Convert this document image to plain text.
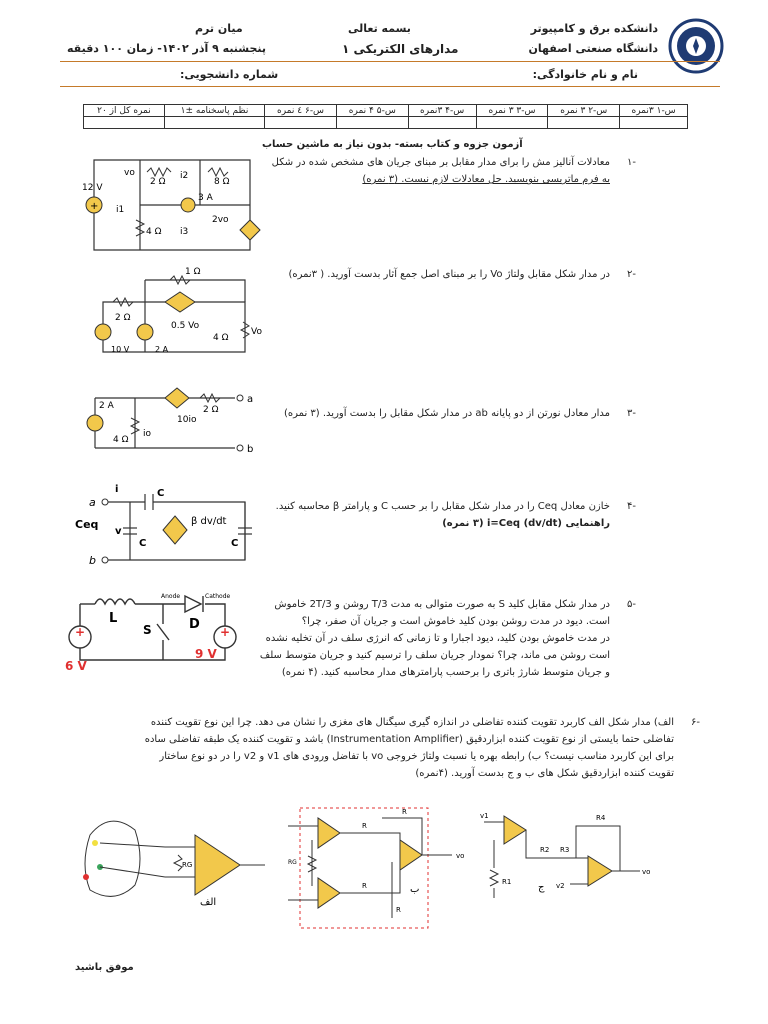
دانشکده برق و کامپیوتر
دانشگاه صنعتی اصفهان
بسمه تعالی
مدارهای الکتریکی ۱
میان ترم
پنجشنبه ۹ آذر ۱۴۰۲- زمان ۱۰۰ دقیقه
نام و نام خانوادگی:
شماره دانشجویی:
س-۱ ۳نمره	س-۲ ۳ نمره	س-۳ ۳ نمره	س-۴ ۳نمره	س-۵ ۴ نمره	س-۶ ٤ نمره	نظم پاسخنامه ±۱	نمره کل از ۲۰

آزمون جزوه و کتاب بسته- بدون نیاز به ماشین حساب
-۱
معادلات آنالیز مش را برای مدار مقابل بر مبنای جریان های مشخص شده در شکل
به فرم ماتریسی بنویسید. حل معادلات لازم نیست. (۳ نمره)
+
12 V
vo
2 Ω	8 Ω
3 A
4 Ω
i1
i2
i3
2vo
-۲
در مدار شکل مقابل ولتاژ Vo را بر مبنای اصل جمع آثار بدست آورید. ( ۳نمره)
1 Ω
2 Ω
10 V	2 A
0.5 Vo
4 Ω
Vo
-۳
مدار معادل نورتن از دو پایانه ab در مدار شکل مقابل را بدست آورید. (۳ نمره)
2 A
4 Ω
io
10io
2 Ω
a
b
-۴
خازن معادل Ceq را در مدار شکل مقابل را بر حسب C و پارامتر β محاسبه کنید.
راهنمایی i=Ceq (dv/dt) (۳ نمره)
i
a
b
Ceq
v
C
C	C
β dv/dt
-۵
در مدار شکل مقابل کلید S به صورت متوالی به مدت T/3 روشن و 2T/3 خاموش
است. دیود در مدت روشن بودن کلید خاموش است و جریان آن صفر، چرا؟
در مدت خاموش بودن کلید، دیود اجبارا و تا زمانی که انرژی سلف در آن تخلیه نشده
است روشن می ماند، چرا؟ نمودار جریان سلف را ترسیم کنید و جریان متوسط سلف
و جریان متوسط شارژ باتری را برحسب پارامترهای مدار محاسبه کنید. (۴ نمره)
+	+
L
S	D
Anode	Cathode
6 V
9 V
-۶
الف) مدار شکل الف کاربرد تقویت کننده تفاضلی در اندازه گیری سیگنال های مغزی را نشان می دهد. چرا این نوع تقویت کننده
تفاضلی حتما بایستی از نوع تقویت کننده ابزاردقیق (Instrumentation Amplifier) باشد و تقویت کننده یک طبقه تفاضلی ساده
برای این کاربرد مناسب نیست؟ ب) رابطه بهره یا نسبت ولتاژ خروجی vo با تفاضل ورودی های v1 و v2 را در دو نوع ساختار
تقویت کننده ابزاردقیق شکل های ب و ج بدست آورید. (۴نمره)
RG
الف
RG
R
R
R
R
vo
ب
v1
v2
R1
R2 R3
R4
vo
ج
موفق باشید
